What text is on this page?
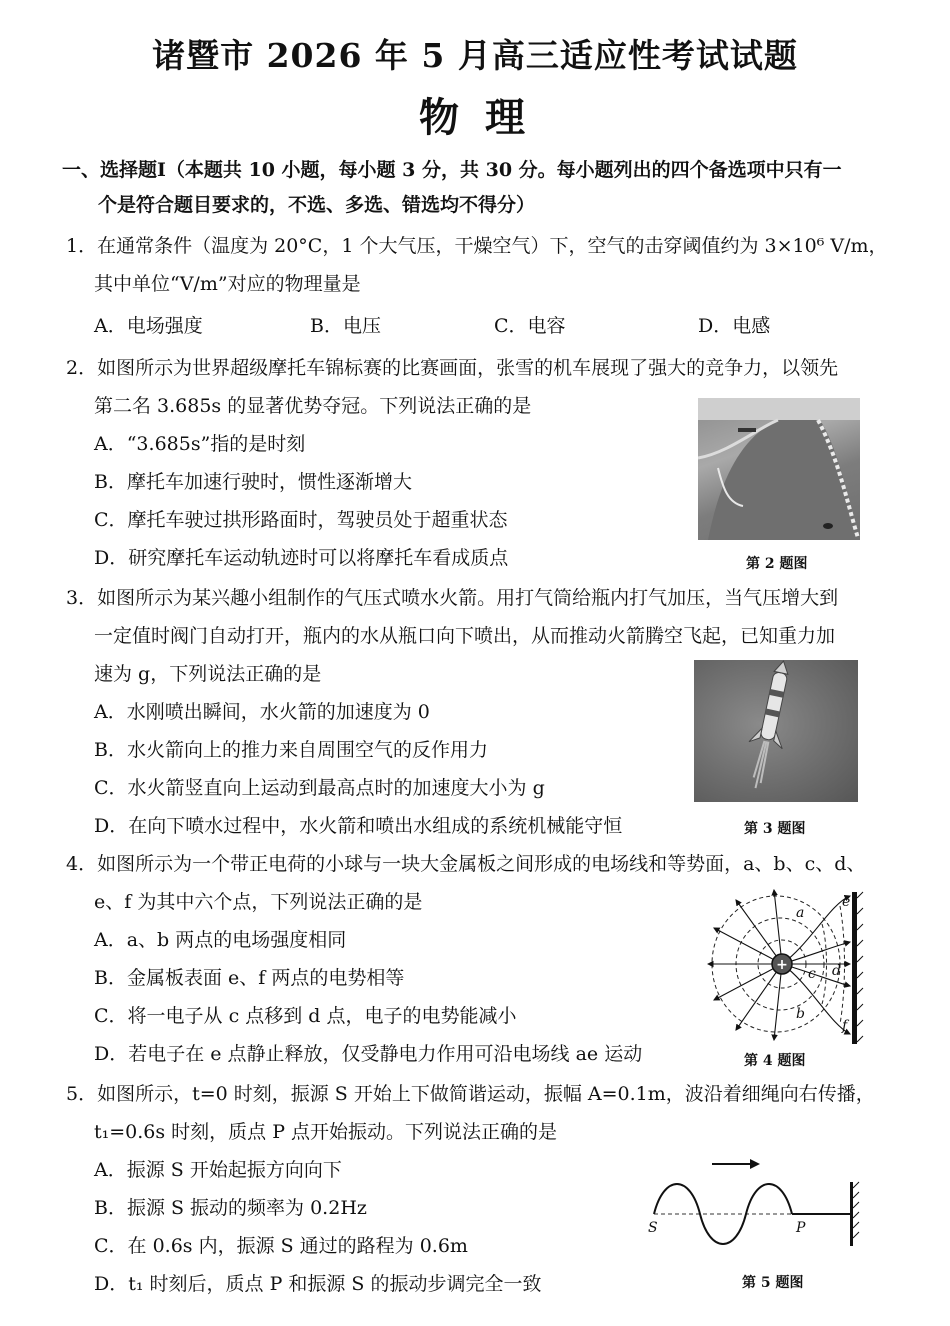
诸暨市 2026 年 5 月高三适应性考试试题
物 理
一、选择题Ⅰ（本题共 10 小题，每小题 3 分，共 30 分。每小题列出的四个备选项中只有一
个是符合题目要求的，不选、多选、错选均不得分）
1．在通常条件（温度为 20°C，1 个大气压，干燥空气）下，空气的击穿阈值约为 3×10⁶ V/m，
其中单位“V/m”对应的物理量是
A．电场强度	B．电压	C．电容	D．电感
2．如图所示为世界超级摩托车锦标赛的比赛画面，张雪的机车展现了强大的竞争力，以领先
第二名 3.685s 的显著优势夺冠。下列说法正确的是
A．“3.685s”指的是时刻
B．摩托车加速行驶时，惯性逐渐增大
C．摩托车驶过拱形路面时，驾驶员处于超重状态
D．研究摩托车运动轨迹时可以将摩托车看成质点	第 2 题图
3．如图所示为某兴趣小组制作的气压式喷水火箭。用打气筒给瓶内打气加压，当气压增大到
一定值时阀门自动打开，瓶内的水从瓶口向下喷出，从而推动火箭腾空飞起，已知重力加
速为 g，下列说法正确的是
A．水刚喷出瞬间，水火箭的加速度为 0
B．水火箭向上的推力来自周围空气的反作用力
C．水火箭竖直向上运动到最高点时的加速度大小为 g
D．在向下喷水过程中，水火箭和喷出水组成的系统机械能守恒	第 3 题图
4．如图所示为一个带正电荷的小球与一块大金属板之间形成的电场线和等势面，a、b、c、d、
e、f 为其中六个点，下列说法正确的是
A．a、b 两点的电场强度相同
B．金属板表面 e、f 两点的电势相等
C．将一电子从 c 点移到 d 点，电子的电势能减小
D．若电子在 e 点静止释放，仅受静电力作用可沿电场线 ae 运动
+
a
b
c d
e
f
第 4 题图
5．如图所示，t=0 时刻，振源 S 开始上下做简谐运动，振幅 A=0.1m，波沿着细绳向右传播，
t₁=0.6s 时刻，质点 P 点开始振动。下列说法正确的是
A．振源 S 开始起振方向向下
B．振源 S 振动的频率为 0.2Hz
C．在 0.6s 内，振源 S 通过的路程为 0.6m
D．t₁ 时刻后，质点 P 和振源 S 的振动步调完全一致
S	P
第 5 题图
